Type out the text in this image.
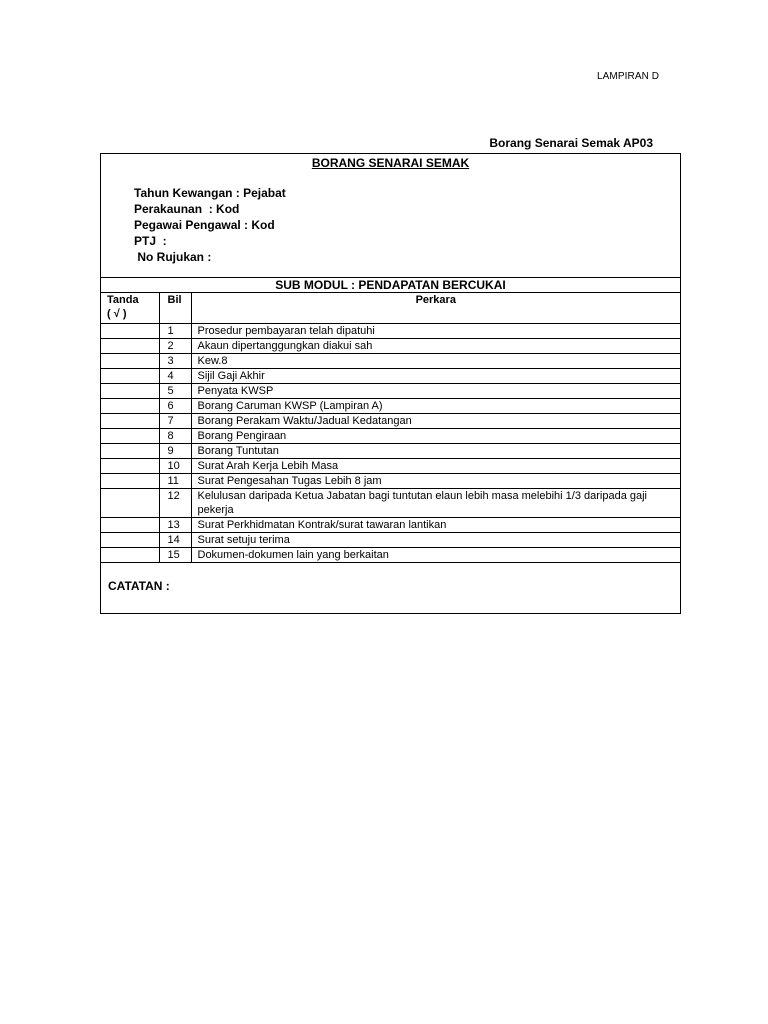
LAMPIRAN D
Borang Senarai Semak AP03
BORANG SENARAI SEMAK
Tahun Kewangan : Pejabat
Perakaunan  : Kod
Pegawai Pengawal : Kod
PTJ  :
No Rujukan :
SUB MODUL : PENDAPATAN BERCUKAI
Tanda
( √ )	Bil	Perkara
	1	Prosedur pembayaran telah dipatuhi
	2	Akaun dipertanggungkan diakui sah
	3	Kew.8
	4	Sijil Gaji Akhir
	5	Penyata KWSP
	6	Borang Caruman KWSP (Lampiran A)
	7	Borang Perakam Waktu/Jadual Kedatangan
	8	Borang Pengiraan
	9	Borang Tuntutan
	10	Surat Arah Kerja Lebih Masa
	11	Surat Pengesahan Tugas Lebih 8 jam
	12	Kelulusan daripada Ketua Jabatan bagi tuntutan elaun lebih masa melebihi 1/3 daripada gaji pekerja
	13	Surat Perkhidmatan Kontrak/surat tawaran lantikan
	14	Surat setuju terima
	15	Dokumen-dokumen lain yang berkaitan
CATATAN :
